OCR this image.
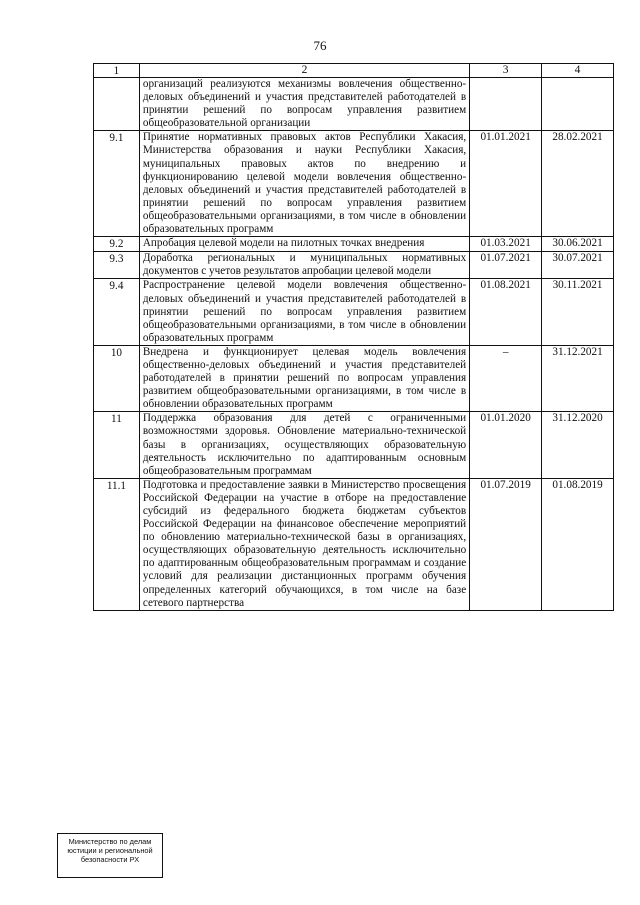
76
1	2	3	4
	организаций реализуются механизмы вовлечения общественно-деловых объединений и участия представителей работодателей в принятии решений по вопросам управления развитием общеобразовательной организации		
9.1	Принятие нормативных правовых актов Республики Хакасия, Министерства образования и науки Республики Хакасия, муниципальных правовых актов по внедрению и функционированию целевой модели вовлечения общественно-деловых объединений и участия представителей работодателей в принятии решений по вопросам управления развитием общеобразовательными организациями, в том числе в обновлении образовательных программ	01.01.2021	28.02.2021
9.2	Апробация целевой модели на пилотных точках внедрения	01.03.2021	30.06.2021
9.3	Доработка региональных и муниципальных нормативных документов с учетов результатов апробации целевой модели	01.07.2021	30.07.2021
9.4	Распространение целевой модели вовлечения общественно-деловых объединений и участия представителей работодателей в принятии решений по вопросам управления развитием общеобразовательными организациями, в том числе в обновлении образовательных программ	01.08.2021	30.11.2021
10	Внедрена и функционирует целевая модель вовлечения общественно-деловых объединений и участия представителей работодателей в принятии решений по вопросам управления развитием общеобразовательными организациями, в том числе в обновлении образовательных программ	–	31.12.2021
11	Поддержка образования для детей с ограниченными возможностями здоровья. Обновление материально-технической базы в организациях, осуществляющих образовательную деятельность исключительно по адаптированным основным общеобразовательным программам	01.01.2020	31.12.2020
11.1	Подготовка и предоставление заявки в Министерство просвещения Российской Федерации на участие в отборе на предоставление субсидий из федерального бюджета бюджетам субъектов Российской Федерации на финансовое обеспечение мероприятий по обновлению материально-технической базы в организациях, осуществляющих образовательную деятельность исключительно по адаптированным общеобразовательным программам и создание условий для реализации дистанционных программ обучения определенных категорий обучающихся, в том числе на базе сетевого партнерства	01.07.2019	01.08.2019
Министерство по делам
юстиции и региональной
безопасности РХ
